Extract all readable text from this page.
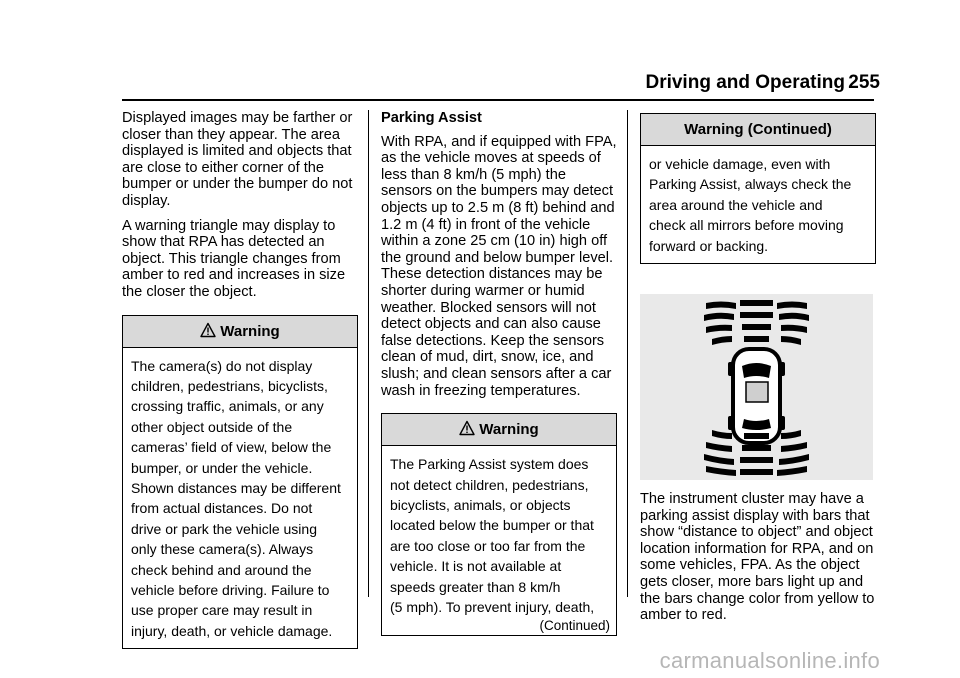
Driving and Operating 255

Displayed images may be farther or
closer than they appear. The area
displayed is limited and objects that
are close to either corner of the
bumper or under the bumper do not
display.

A warning triangle may display to
show that RPA has detected an
object. This triangle changes from
amber to red and increases in size
the closer the object.

Warning
The camera(s) do not display
children, pedestrians, bicyclists,
crossing traffic, animals, or any
other object outside of the
cameras’ field of view, below the
bumper, or under the vehicle.
Shown distances may be different
from actual distances. Do not
drive or park the vehicle using
only these camera(s). Always
check behind and around the
vehicle before driving. Failure to
use proper care may result in
injury, death, or vehicle damage.
Parking Assist

With RPA, and if equipped with FPA,
as the vehicle moves at speeds of
less than 8 km/h (5 mph) the
sensors on the bumpers may detect
objects up to 2.5 m (8 ft) behind and
1.2 m (4 ft) in front of the vehicle
within a zone 25 cm (10 in) high off
the ground and below bumper level.
These detection distances may be
shorter during warmer or humid
weather. Blocked sensors will not
detect objects and can also cause
false detections. Keep the sensors
clean of mud, dirt, snow, ice, and
slush; and clean sensors after a car
wash in freezing temperatures.

Warning
The Parking Assist system does
not detect children, pedestrians,
bicyclists, animals, or objects
located below the bumper or that
are too close or too far from the
vehicle. It is not available at
speeds greater than 8 km/h
(5 mph). To prevent injury, death,
(Continued)
Warning (Continued)
or vehicle damage, even with
Parking Assist, always check the
area around the vehicle and
check all mirrors before moving
forward or backing.

The instrument cluster may have a
parking assist display with bars that
show “distance to object” and object
location information for RPA, and on
some vehicles, FPA. As the object
gets closer, more bars light up and
the bars change color from yellow to
amber to red.

carmanualsonline.info
